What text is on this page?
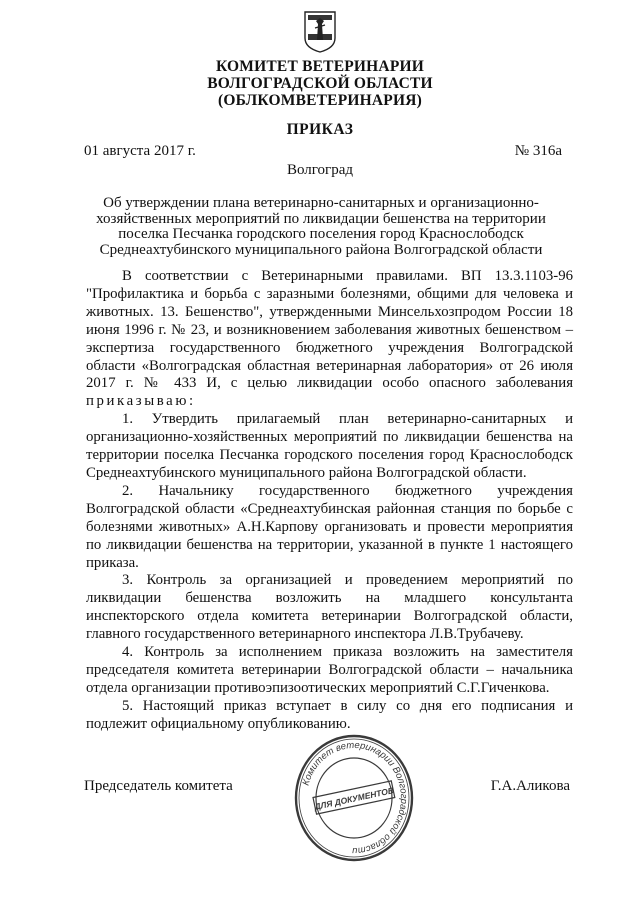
КОМИТЕТ ВЕТЕРИНАРИИ
ВОЛГОГРАДСКОЙ ОБЛАСТИ
(ОБЛКОМВЕТЕРИНАРИЯ)
ПРИКАЗ
01 августа 2017 г.	№ 316а
Волгоград
Об утверждении плана ветеринарно-санитарных и организационно-
хозяйственных мероприятий по ликвидации бешенства на территории
поселка Песчанка городского поселения город Краснослободск
Среднеахтубинского муниципального района Волгоградской области

В соответствии с Ветеринарными правилами. ВП 13.3.1103-96 "Профилактика и борьба с заразными болезнями, общими для человека и животных. 13. Бешенство", утвержденными Минсельхозпродом России 18 июня 1996 г. № 23, и возникновением заболевания животных бешенством – экспертиза государственного бюджетного учреждения Волгоградской области «Волгоградская областная ветеринарная лаборатория» от 26 июля 2017 г. № 433 И, с целью ликвидации особо опасного заболевания приказываю:

1. Утвердить прилагаемый план ветеринарно-санитарных и организационно-хозяйственных мероприятий по ликвидации бешенства на территории поселка Песчанка городского поселения город Краснослободск Среднеахтубинского муниципального района Волгоградской области.

2. Начальнику государственного бюджетного учреждения Волгоградской области «Среднеахтубинская районная станция по борьбе с болезнями животных» А.Н.Карпову организовать и провести мероприятия по ликвидации бешенства на территории, указанной в пункте 1 настоящего приказа.

3. Контроль за организацией и проведением мероприятий по ликвидации бешенства возложить на младшего консультанта инспекторского отдела комитета ветеринарии Волгоградской области, главного государственного ветеринарного инспектора Л.В.Трубачеву.

4. Контроль за исполнением приказа возложить на заместителя председателя комитета ветеринарии Волгоградской области – начальника отдела организации противоэпизоотических мероприятий С.Г.Гиченкова.

5. Настоящий приказ вступает в силу со дня его подписания и подлежит официальному опубликованию.

Председатель комитета	Г.А.Аликова
Комитет ветеринарии Волгоградской области
ДЛЯ ДОКУМЕНТОВ
